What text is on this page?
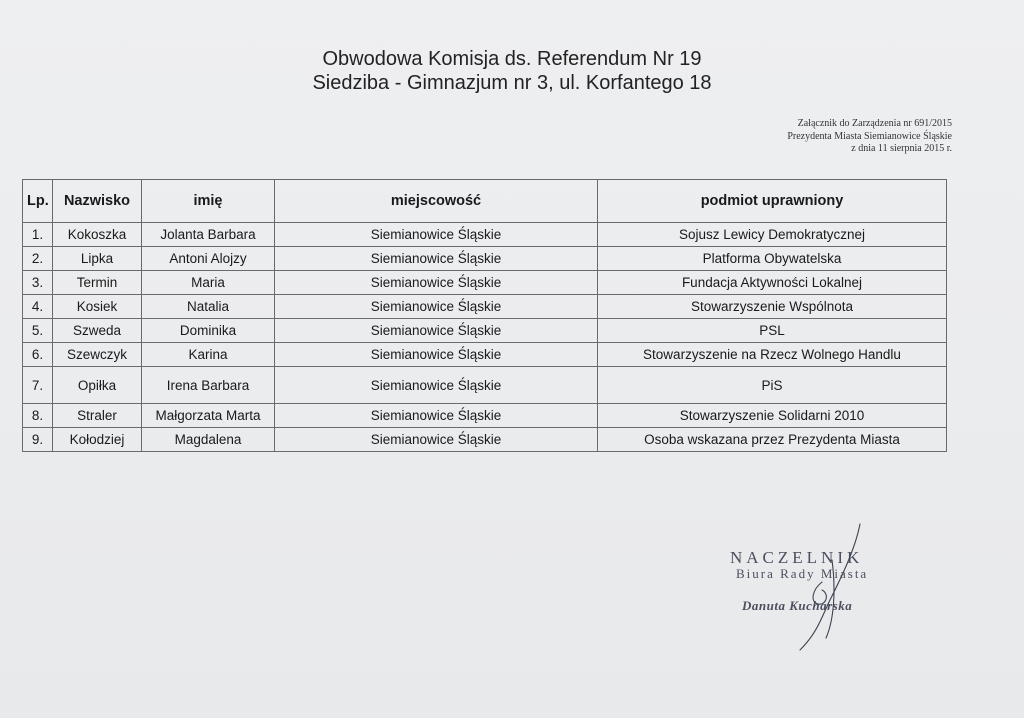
Obwodowa Komisja ds. Referendum Nr 19
Siedziba - Gimnazjum nr 3, ul. Korfantego 18
Załącznik do Zarządzenia nr 691/2015
Prezydenta Miasta Siemianowice Śląskie
z dnia 11 sierpnia 2015 r.
Lp.	Nazwisko	imię	miejscowość	podmiot uprawniony
1.	Kokoszka	Jolanta Barbara	Siemianowice Śląskie	Sojusz Lewicy Demokratycznej
2.	Lipka	Antoni Alojzy	Siemianowice Śląskie	Platforma Obywatelska
3.	Termin	Maria	Siemianowice Śląskie	Fundacja Aktywności Lokalnej
4.	Kosiek	Natalia	Siemianowice Śląskie	Stowarzyszenie Wspólnota
5.	Szweda	Dominika	Siemianowice Śląskie	PSL
6.	Szewczyk	Karina	Siemianowice Śląskie	Stowarzyszenie na Rzecz Wolnego Handlu
7.	Opiłka	Irena Barbara	Siemianowice Śląskie	PiS
8.	Straler	Małgorzata Marta	Siemianowice Śląskie	Stowarzyszenie Solidarni 2010
9.	Kołodziej	Magdalena	Siemianowice Śląskie	Osoba wskazana przez Prezydenta Miasta
NACZELNIK
Biura Rady Miasta
Danuta Kucharska
